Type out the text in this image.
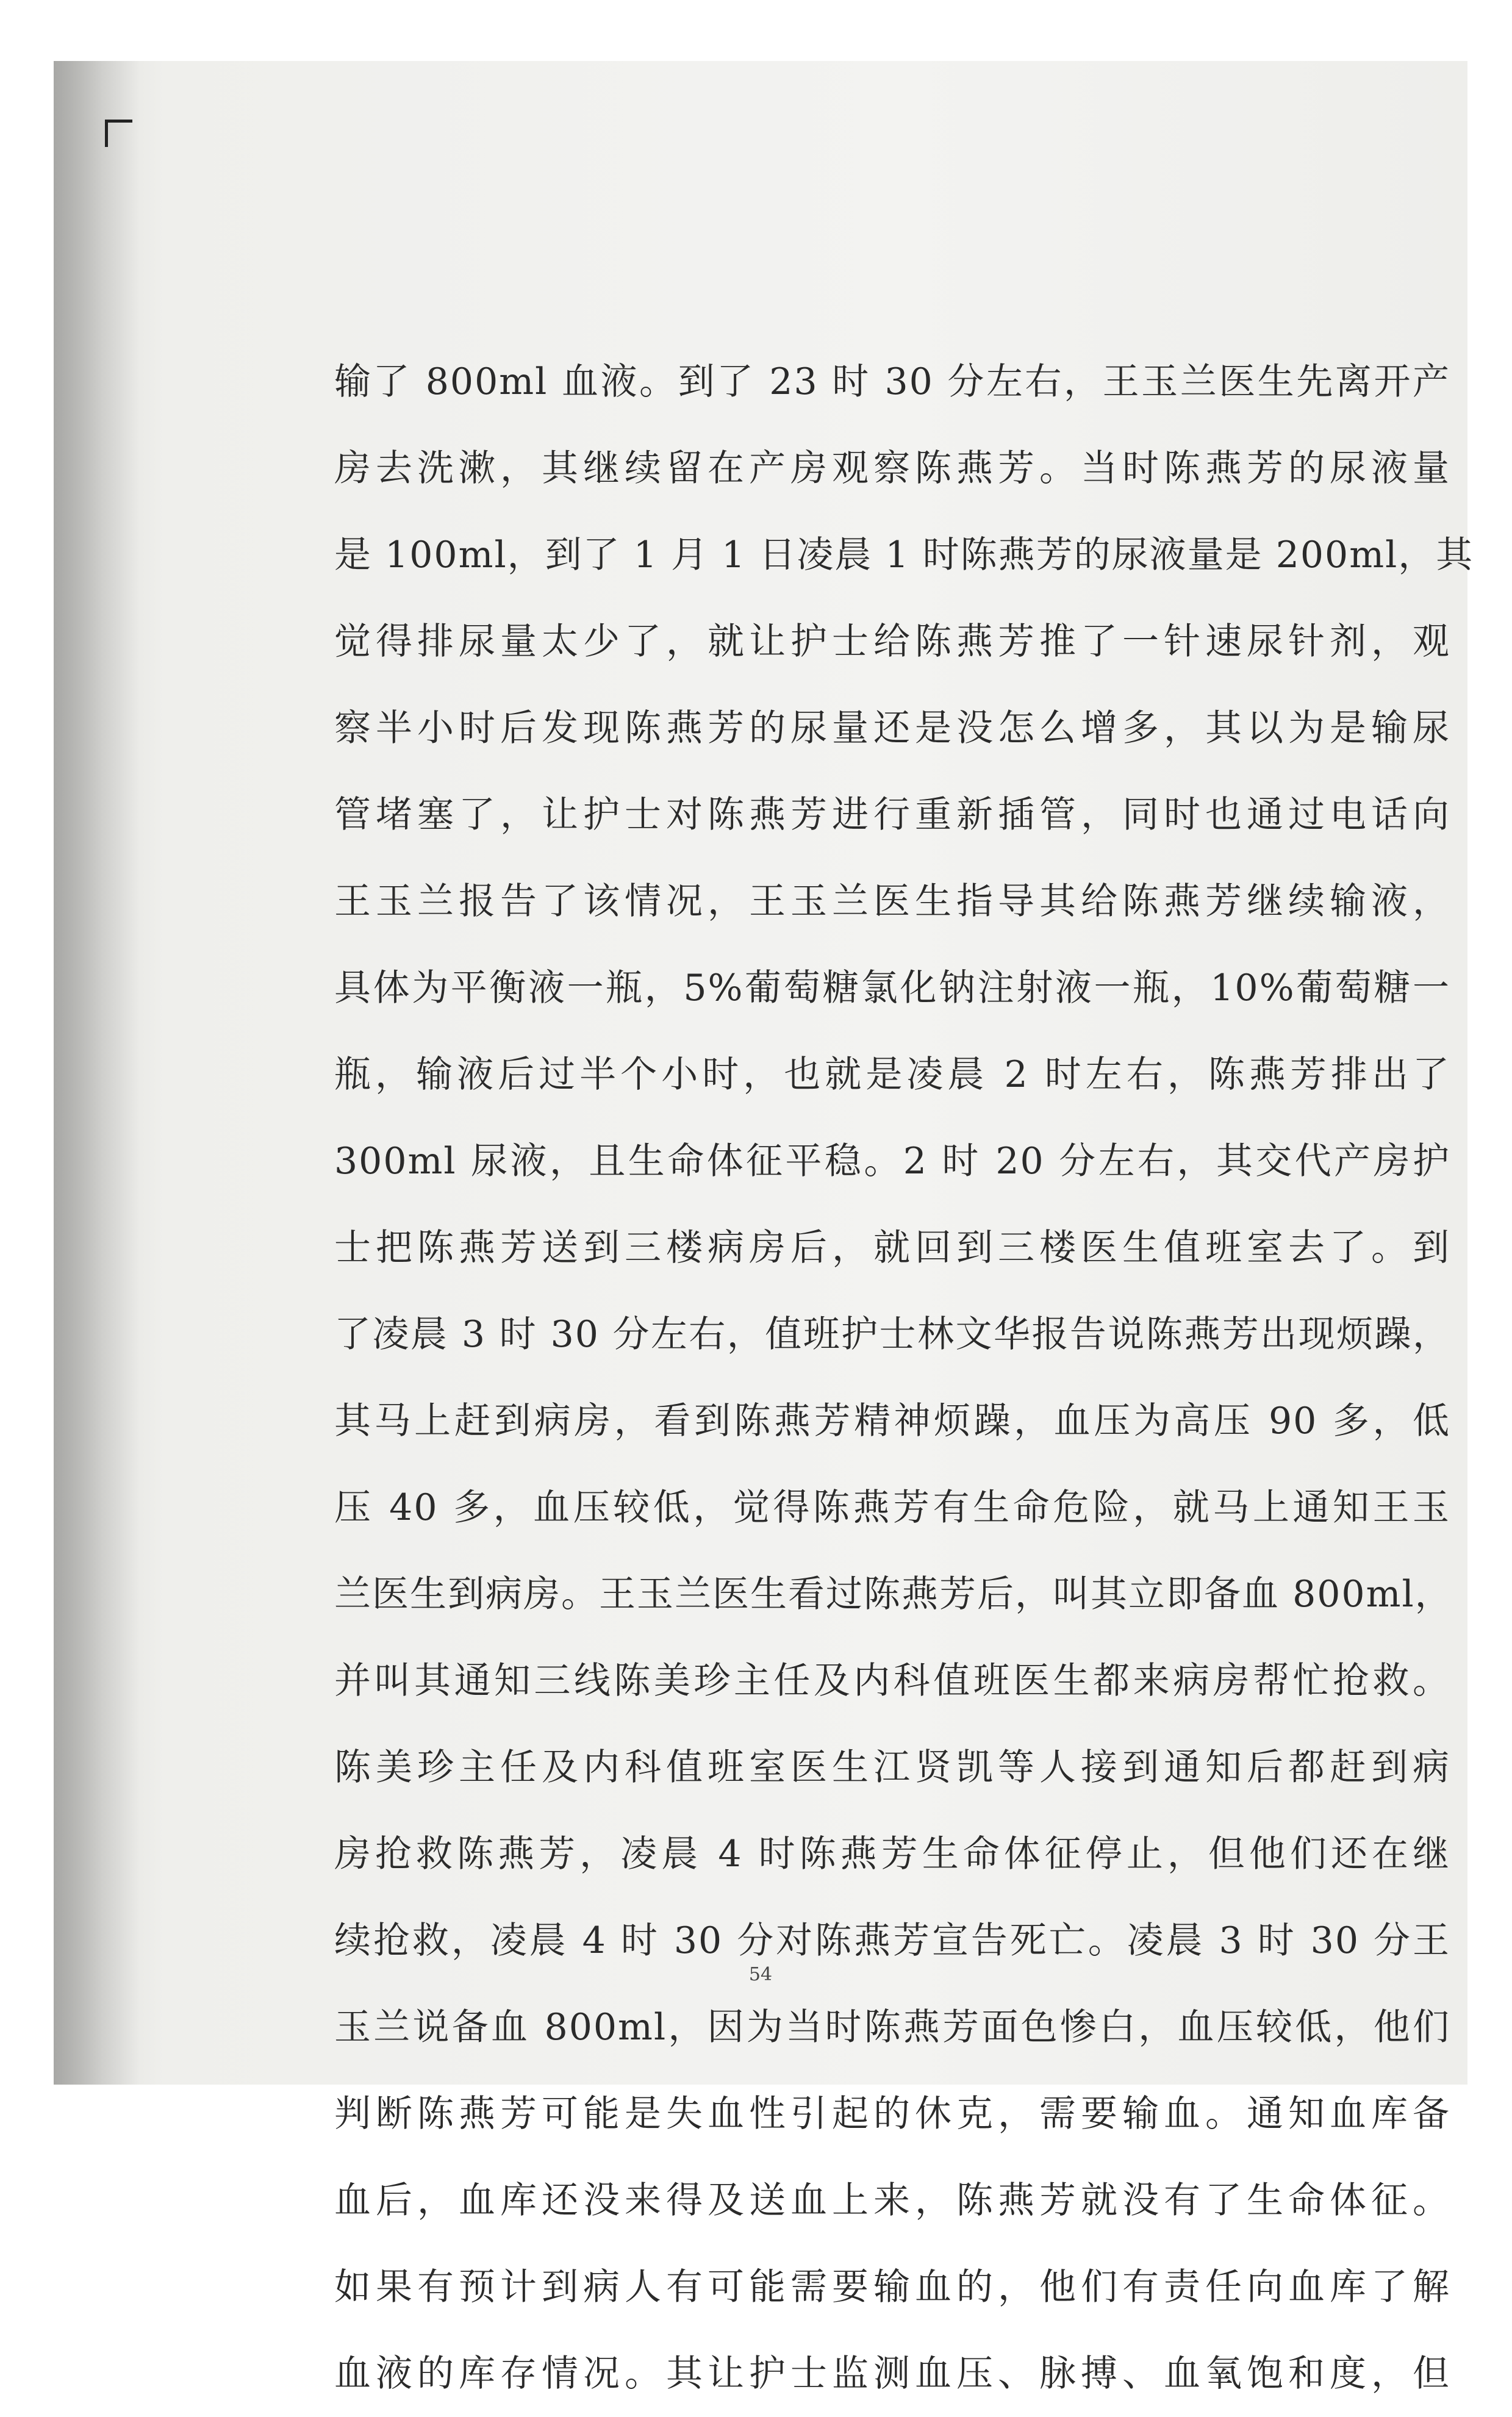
输了 800ml 血液。到了 23 时 30 分左右，王玉兰医生先离开产
房去洗漱，其继续留在产房观察陈燕芳。当时陈燕芳的尿液量
是 100ml，到了 1 月 1 日凌晨 1 时陈燕芳的尿液量是 200ml，其
觉得排尿量太少了，就让护士给陈燕芳推了一针速尿针剂，观
察半小时后发现陈燕芳的尿量还是没怎么增多，其以为是输尿
管堵塞了，让护士对陈燕芳进行重新插管，同时也通过电话向
王玉兰报告了该情况，王玉兰医生指导其给陈燕芳继续输液，
具体为平衡液一瓶，5%葡萄糖氯化钠注射液一瓶，10%葡萄糖一
瓶，输液后过半个小时，也就是凌晨 2 时左右，陈燕芳排出了
300ml 尿液，且生命体征平稳。2 时 20 分左右，其交代产房护
士把陈燕芳送到三楼病房后，就回到三楼医生值班室去了。到
了凌晨 3 时 30 分左右，值班护士林文华报告说陈燕芳出现烦躁，
其马上赶到病房，看到陈燕芳精神烦躁，血压为高压 90 多，低
压 40 多，血压较低，觉得陈燕芳有生命危险，就马上通知王玉
兰医生到病房。王玉兰医生看过陈燕芳后，叫其立即备血 800ml，
并叫其通知三线陈美珍主任及内科值班医生都来病房帮忙抢救。
陈美珍主任及内科值班室医生江贤凯等人接到通知后都赶到病
房抢救陈燕芳，凌晨 4 时陈燕芳生命体征停止，但他们还在继
续抢救，凌晨 4 时 30 分对陈燕芳宣告死亡。凌晨 3 时 30 分王
玉兰说备血 800ml，因为当时陈燕芳面色惨白，血压较低，他们
判断陈燕芳可能是失血性引起的休克，需要输血。通知血库备
血后，血库还没来得及送血上来，陈燕芳就没有了生命体征。
如果有预计到病人有可能需要输血的，他们有责任向血库了解
血液的库存情况。其让护士监测血压、脉搏、血氧饱和度，但
54
